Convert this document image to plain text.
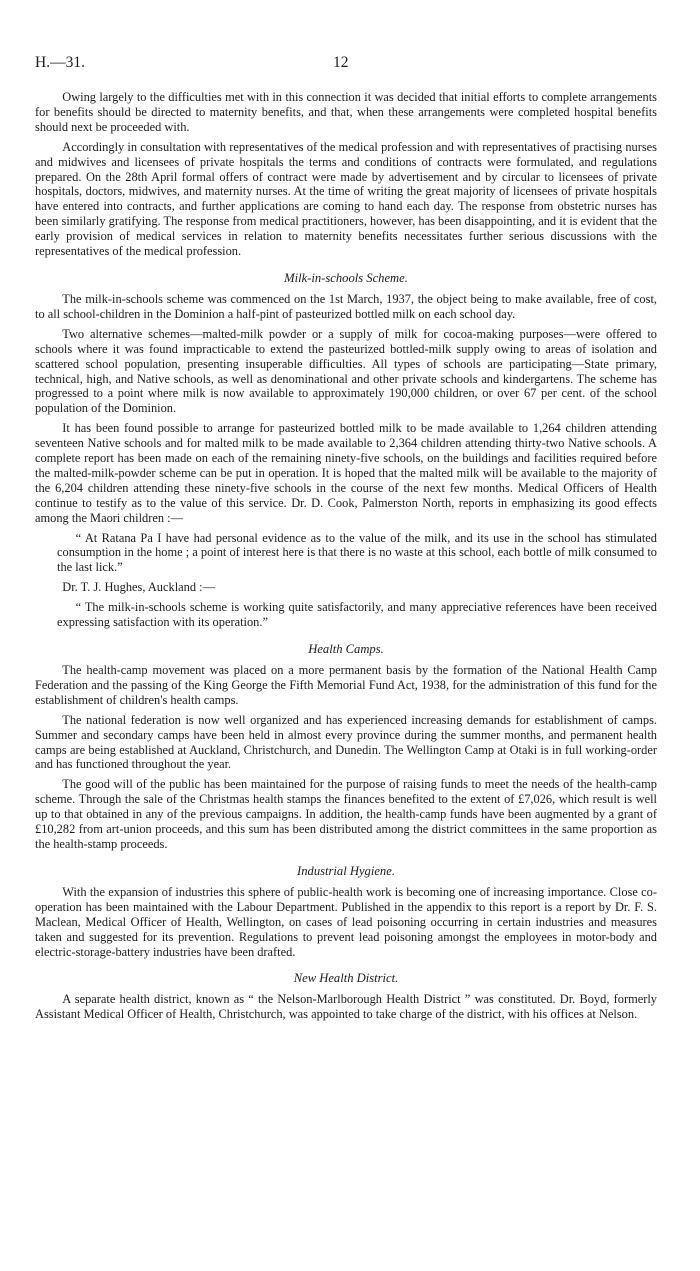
H.—31.	12

Owing largely to the difficulties met with in this connection it was decided that initial efforts to complete arrangements for benefits should be directed to maternity benefits, and that, when these arrangements were completed hospital benefits should next be proceeded with.

Accordingly in consultation with representatives of the medical profession and with representatives of practising nurses and midwives and licensees of private hospitals the terms and conditions of contracts were formulated, and regulations prepared. On the 28th April formal offers of contract were made by advertisement and by circular to licensees of private hospitals, doctors, midwives, and maternity nurses. At the time of writing the great majority of licensees of private hospitals have entered into contracts, and further applications are coming to hand each day. The response from obstetric nurses has been similarly gratifying. The response from medical practitioners, however, has been disappointing, and it is evident that the early provision of medical services in relation to maternity benefits necessitates further serious discussions with the representatives of the medical profession.

Milk-in-schools Scheme.

The milk-in-schools scheme was commenced on the 1st March, 1937, the object being to make available, free of cost, to all school-children in the Dominion a half-pint of pasteurized bottled milk on each school day.

Two alternative schemes—malted-milk powder or a supply of milk for cocoa-making purposes—were offered to schools where it was found impracticable to extend the pasteurized bottled-milk supply owing to areas of isolation and scattered school population, presenting insuperable difficulties. All types of schools are participating—State primary, technical, high, and Native schools, as well as denominational and other private schools and kindergartens. The scheme has progressed to a point where milk is now available to approximately 190,000 children, or over 67 per cent. of the school population of the Dominion.

It has been found possible to arrange for pasteurized bottled milk to be made available to 1,264 children attending seventeen Native schools and for malted milk to be made available to 2,364 children attending thirty-two Native schools. A complete report has been made on each of the remaining ninety-five schools, on the buildings and facilities required before the malted-milk-powder scheme can be put in operation. It is hoped that the malted milk will be available to the majority of the 6,204 children attending these ninety-five schools in the course of the next few months. Medical Officers of Health continue to testify as to the value of this service. Dr. D. Cook, Palmerston North, reports in emphasizing its good effects among the Maori children :—

“ At Ratana Pa I have had personal evidence as to the value of the milk, and its use in the school has stimulated consumption in the home ; a point of interest here is that there is no waste at this school, each bottle of milk consumed to the last lick.”

Dr. T. J. Hughes, Auckland :—

“ The milk-in-schools scheme is working quite satisfactorily, and many appreciative references have been received expressing satisfaction with its operation.”

Health Camps.

The health-camp movement was placed on a more permanent basis by the formation of the National Health Camp Federation and the passing of the King George the Fifth Memorial Fund Act, 1938, for the administration of this fund for the establishment of children's health camps.

The national federation is now well organized and has experienced increasing demands for establishment of camps. Summer and secondary camps have been held in almost every province during the summer months, and permanent health camps are being established at Auckland, Christchurch, and Dunedin. The Wellington Camp at Otaki is in full working-order and has functioned throughout the year.

The good will of the public has been maintained for the purpose of raising funds to meet the needs of the health-camp scheme. Through the sale of the Christmas health stamps the finances benefited to the extent of £7,026, which result is well up to that obtained in any of the previous campaigns. In addition, the health-camp funds have been augmented by a grant of £10,282 from art-union proceeds, and this sum has been distributed among the district committees in the same proportion as the health-stamp proceeds.

Industrial Hygiene.

With the expansion of industries this sphere of public-health work is becoming one of increasing importance. Close co-operation has been maintained with the Labour Department. Published in the appendix to this report is a report by Dr. F. S. Maclean, Medical Officer of Health, Wellington, on cases of lead poisoning occurring in certain industries and measures taken and suggested for its prevention. Regulations to prevent lead poisoning amongst the employees in motor-body and electric-storage-battery industries have been drafted.

New Health District.

A separate health district, known as “ the Nelson-Marlborough Health District ” was constituted. Dr. Boyd, formerly Assistant Medical Officer of Health, Christchurch, was appointed to take charge of the district, with his offices at Nelson.
